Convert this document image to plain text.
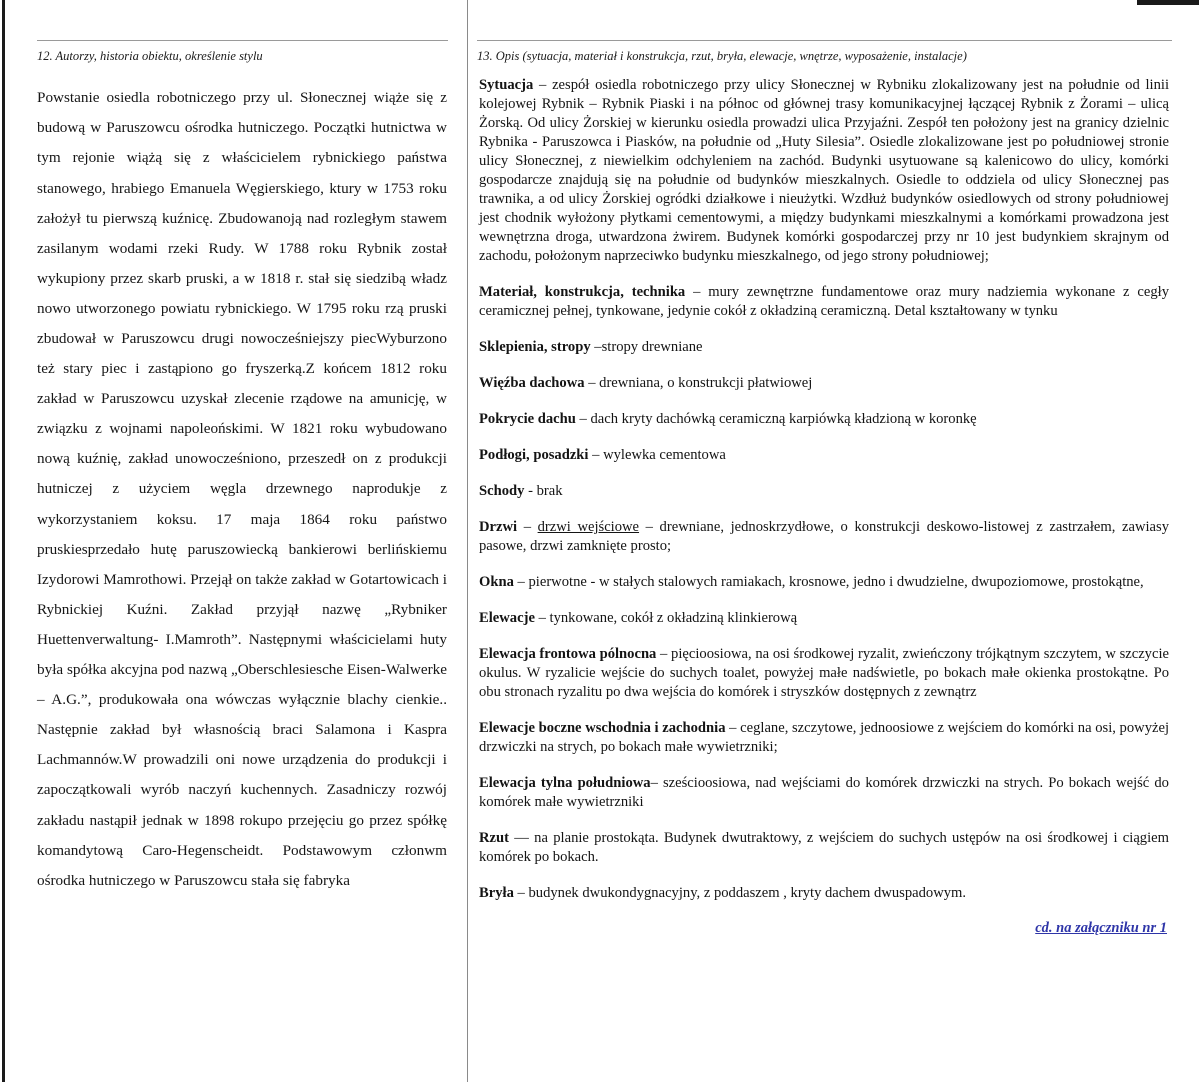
12. Autorzy, historia obiektu, określenie stylu
Powstanie osiedla robotniczego przy ul. Słonecznej wiąże się z budową w Paruszowcu ośrodka hutniczego. Początki hutnictwa w tym rejonie wiążą się z właścicielem rybnickiego państwa stanowego, hrabiego Emanuela Węgierskiego, ktury w 1753 roku założył tu pierwszą kuźnicę. Zbudowanoją nad rozległym stawem zasilanym wodami rzeki Rudy. W 1788 roku Rybnik został wykupiony przez skarb pruski, a w 1818 r. stał się siedzibą władz nowo utworzonego powiatu rybnickiego. W 1795 roku rzą pruski zbudował w Paruszowcu drugi nowocześniejszy piecWyburzono też stary piec i zastąpiono go fryszerką.Z końcem 1812 roku zakład w Paruszowcu uzyskał zlecenie rządowe na amunicję, w związku z wojnami napoleońskimi. W 1821 roku wybudowano nową kuźnię, zakład unowocześniono, przeszedł on z produkcji hutniczej z użyciem węgla drzewnego naprodukje z wykorzystaniem koksu. 17 maja 1864 roku państwo pruskiesprzedało hutę paruszowiecką bankierowi berlińskiemu Izydorowi Mamrothowi. Przejął on także zakład w Gotartowicach i Rybnickiej Kuźni. Zakład przyjął nazwę „Rybniker Huettenverwaltung- I.Mamroth”. Następnymi właścicielami huty była spółka akcyjna pod nazwą „Oberschlesiesche Eisen-Walwerke – A.G.”, produkowała ona wówczas wyłącznie blachy cienkie.. Następnie zakład był własnością braci Salamona i Kaspra Lachmannów.W prowadzili oni nowe urządzenia do produkcji i zapoczątkowali wyrób naczyń kuchennych. Zasadniczy rozwój zakładu nastąpił jednak w 1898 rokupo przejęciu go przez spółkę komandytową Caro-Hegenscheidt. Podstawowym członwm ośrodka hutniczego w Paruszowcu stała się fabryka
13. Opis (sytuacja, materiał i konstrukcja, rzut, bryła, elewacje, wnętrze, wyposażenie, instalacje)

Sytuacja – zespół osiedla robotniczego przy ulicy Słonecznej w Rybniku zlokalizowany jest na południe od linii kolejowej Rybnik – Rybnik Piaski i na północ od głównej trasy komunikacyjnej łączącej Rybnik z Żorami – ulicą Żorską. Od ulicy Żorskiej w kierunku osiedla prowadzi ulica Przyjaźni. Zespół ten położony jest na granicy dzielnic Rybnika - Paruszowca i Piasków, na południe od „Huty Silesia”. Osiedle zlokalizowane jest po południowej stronie ulicy Słonecznej, z niewielkim odchyleniem na zachód. Budynki usytuowane są kalenicowo do ulicy, komórki gospodarcze znajdują się na południe od budynków mieszkalnych. Osiedle to oddziela od ulicy Słonecznej pas trawnika, a od ulicy Żorskiej ogródki działkowe i nieużytki. Wzdłuż budynków osiedlowych od strony południowej jest chodnik wyłożony płytkami cementowymi, a między budynkami mieszkalnymi a komórkami prowadzona jest wewnętrzna droga, utwardzona żwirem. Budynek komórki gospodarczej przy nr 10 jest budynkiem skrajnym od zachodu, położonym naprzeciwko budynku mieszkalnego, od jego strony południowej;

Materiał, konstrukcja, technika – mury zewnętrzne fundamentowe oraz mury nadziemia wykonane z cegły ceramicznej pełnej, tynkowane, jedynie cokół z okładziną ceramiczną. Detal kształtowany w tynku

Sklepienia, stropy –stropy drewniane

Więźba dachowa – drewniana, o konstrukcji płatwiowej

Pokrycie dachu – dach kryty dachówką ceramiczną karpiówką kładzioną w koronkę

Podłogi, posadzki – wylewka cementowa

Schody - brak

Drzwi – drzwi wejściowe – drewniane, jednoskrzydłowe, o konstrukcji deskowo-listowej z zastrzałem, zawiasy pasowe, drzwi zamknięte prosto;

Okna – pierwotne - w stałych stalowych ramiakach, krosnowe, jedno i dwudzielne, dwupoziomowe, prostokątne,

Elewacje – tynkowane, cokół z okładziną klinkierową

Elewacja frontowa pólnocna – pięcioosiowa, na osi środkowej ryzalit, zwieńczony trójkątnym szczytem, w szczycie okulus. W ryzalicie wejście do suchych toalet, powyżej małe nadświetle, po bokach małe okienka prostokątne. Po obu stronach ryzalitu po dwa wejścia do komórek i stryszków dostępnych z zewnątrz

Elewacje boczne wschodnia i zachodnia – ceglane, szczytowe, jednoosiowe z wejściem do komórki na osi, powyżej drzwiczki na strych, po bokach małe wywietrzniki;

Elewacja tylna południowa– sześcioosiowa, nad wejściami do komórek drzwiczki na strych. Po bokach wejść do komórek małe wywietrzniki

Rzut — na planie prostokąta. Budynek dwutraktowy, z wejściem do suchych ustępów na osi środkowej i ciągiem komórek po bokach.

Bryła – budynek dwukondygnacyjny, z poddaszem , kryty dachem dwuspadowym.

cd. na załączniku nr 1
